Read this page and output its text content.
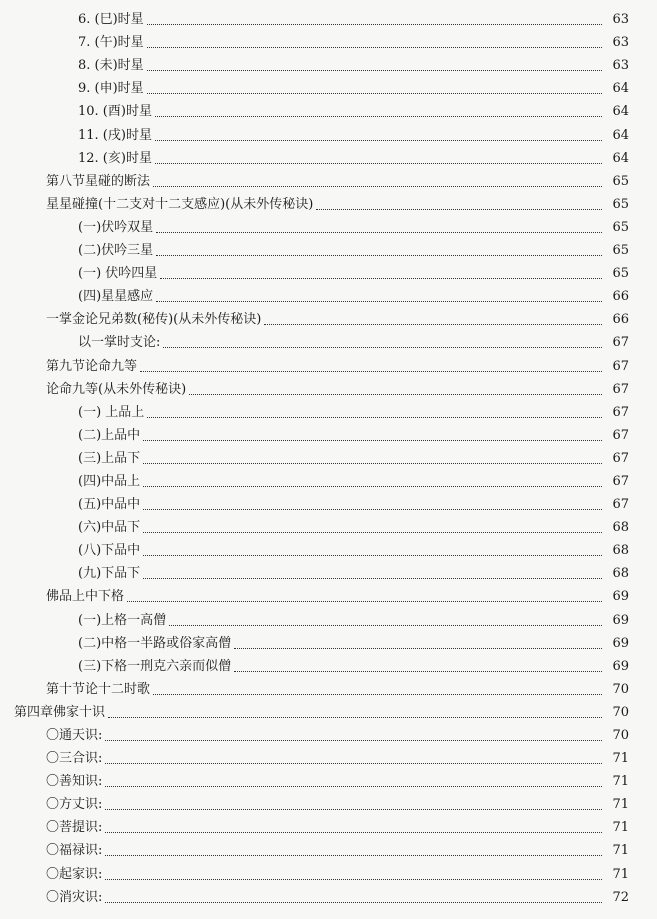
6. (巳)时星	63
7. (午)时星	63
8. (未)时星	63
9. (申)时星	64
10. (酉)时星	64
11. (戌)时星	64
12. (亥)时星	64
第八节星碰的断法	65
星星碰撞(十二支对十二支感应)(从未外传秘诀)	65
(一)伏吟双星	65
(二)伏吟三星	65
(一) 伏吟四星	65
(四)星星感应	66
一掌金论兄弟数(秘传)(从未外传秘诀)	66
以一掌时支论:	67
第九节论命九等	67
论命九等(从未外传秘诀)	67
(一) 上品上	67
(二)上品中	67
(三)上品下	67
(四)中品上	67
(五)中品中	67
(六)中品下	68
(八)下品中	68
(九)下品下	68
佛品上中下格	69
(一)上格一高僧	69
(二)中格一半路或俗家高僧	69
(三)下格一刑克六亲而似僧	69
第十节论十二时歌	70
第四章佛家十识	70
〇通天识:	70
〇三合识:	71
〇善知识:	71
〇方丈识:	71
〇菩提识:	71
〇福禄识:	71
〇起家识:	71
〇消灾识:	72
